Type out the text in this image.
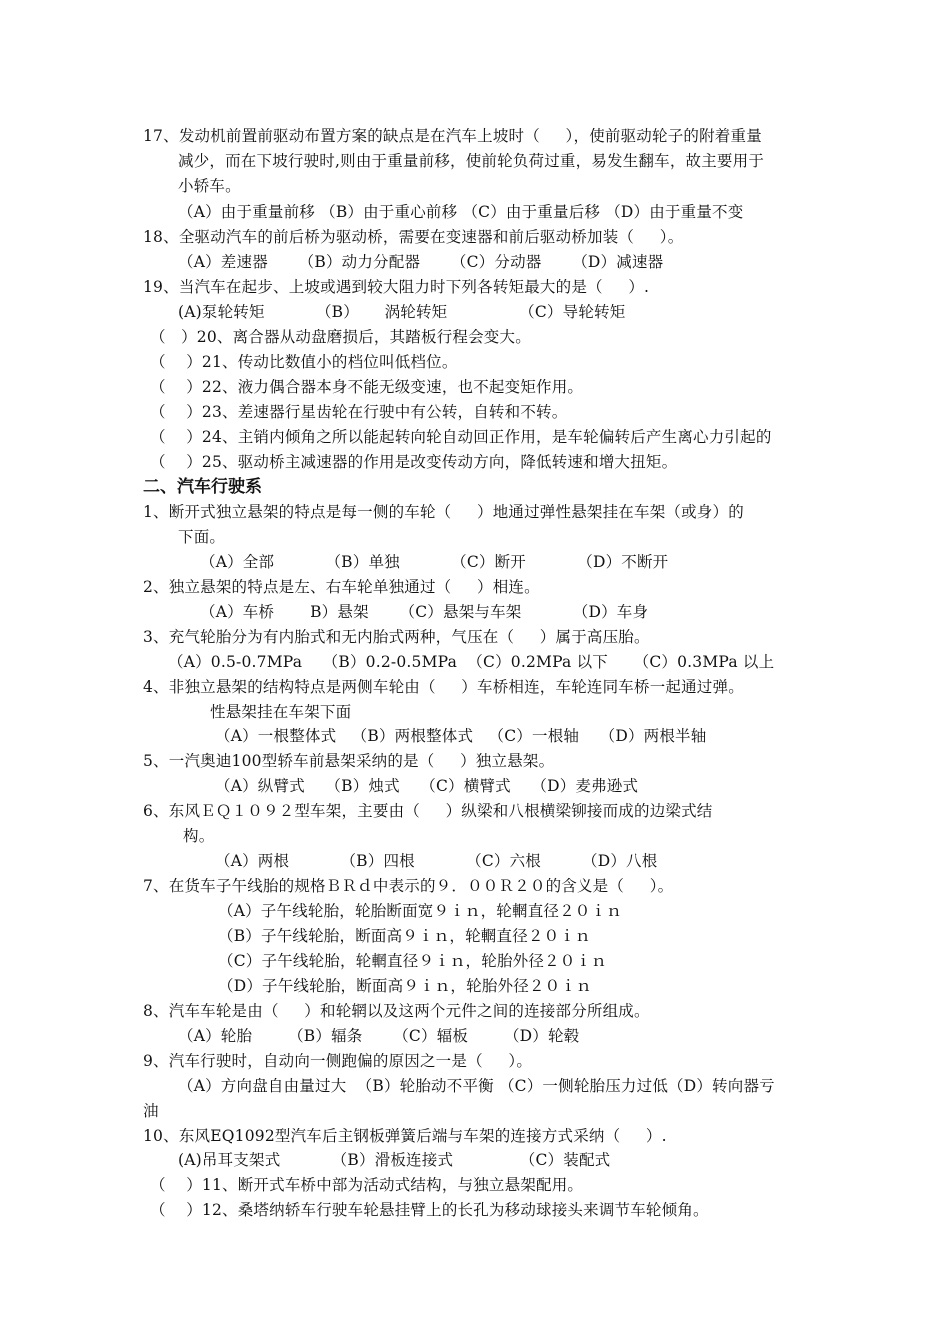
17、发动机前置前驱动布置方案的缺点是在汽车上坡时（     ），使前驱动轮子的附着重量
减少，而在下坡行驶时,则由于重量前移，使前轮负荷过重，易发生翻车，故主要用于
小轿车。
（A）由于重量前移 （B）由于重心前移 （C）由于重量后移 （D）由于重量不变
18、全驱动汽车的前后桥为驱动桥，需要在变速器和前后驱动桥加装（     ）。
（A）差速器      （B）动力分配器      （C）分动器      （D）减速器
19、当汽车在起步、上坡或遇到较大阻力时下列各转矩最大的是（     ）.
(A)泵轮转矩          （B）     涡轮转矩              （C）导轮转矩
（   ）20、离合器从动盘磨损后，其踏板行程会变大。
（    ）21、传动比数值小的档位叫低档位。
（    ）22、液力偶合器本身不能无级变速，也不起变矩作用。
（    ）23、差速器行星齿轮在行驶中有公转，自转和不转。
（    ）24、主销内倾角之所以能起转向轮自动回正作用，是车轮偏转后产生离心力引起的
（    ）25、驱动桥主减速器的作用是改变传动方向，降低转速和增大扭矩。
二、汽车行驶系
1、断开式独立悬架的特点是每一侧的车轮（     ）地通过弹性悬架挂在车架（或身）的
下面。
（A）全部          （B）单独          （C）断开          （D）不断开
2、独立悬架的特点是左、右车轮单独通过（     ）相连。
（A）车桥       B）悬架      （C）悬架与车架          （D）车身
3、充气轮胎分为有内胎式和无内胎式两种，气压在（     ）属于高压胎。
（A）0.5-0.7MPa    （B）0.2-0.5MPa  （C）0.2MPa 以下     （C）0.3MPa 以上
4、非独立悬架的结构特点是两侧车轮由（     ）车桥相连，车轮连同车桥一起通过弹。
性悬架挂在车架下面
（A）一根整体式   （B）两根整体式   （C）一根轴    （D）两根半轴
5、一汽奥迪100型轿车前悬架采纳的是（     ）独立悬架。
（A）纵臂式    （B）烛式    （C）横臂式    （D）麦弗逊式
6、东风ＥＱ１０９２型车架，主要由（     ）纵梁和八根横梁铆接而成的边梁式结
构。
（A）两根          （B）四根          （C）六根        （D）八根
7、在货车子午线胎的规格ＢＲｄ中表示的９．００Ｒ２０的含义是（     ）。
（A）子午线轮胎，轮胎断面宽９ｉｎ，轮輞直径２０ｉｎ
（B）子午线轮胎，断面高９ｉｎ，轮輞直径２０ｉｎ
（C）子午线轮胎，轮輞直径９ｉｎ，轮胎外径２０ｉｎ
（D）子午线轮胎，断面高９ｉｎ，轮胎外径２０ｉｎ
8、汽车车轮是由（     ）和轮辋以及这两个元件之间的连接部分所组成。
（A）轮胎       （B）辐条      （C）辐板       （D）轮毂
9、汽车行驶时，自动向一侧跑偏的原因之一是（     ）。
（A）方向盘自由量过大  （B）轮胎动不平衡 （C）一侧轮胎压力过低（D）转向器亏
油
10、东风EQ1092型汽车后主钢板弹簧后端与车架的连接方式采纳（     ）.
(A)吊耳支架式          （B）滑板连接式             （C）装配式
（    ）11、断开式车桥中部为活动式结构，与独立悬架配用。
（    ）12、桑塔纳轿车行驶车轮悬挂臂上的长孔为移动球接头来调节车轮倾角。
